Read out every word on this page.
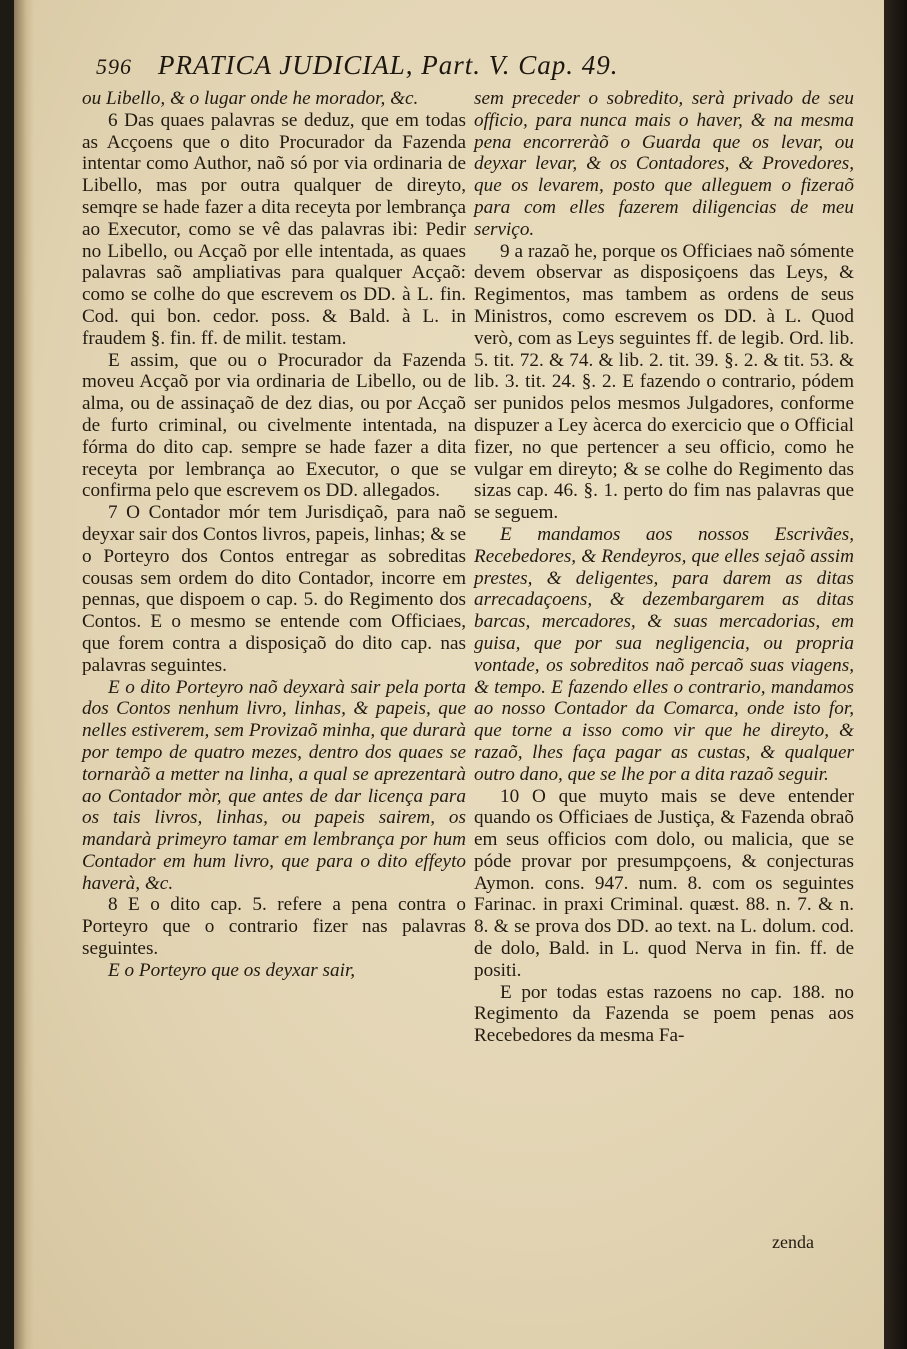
596 PRATICA JUDICIAL, Part. V. Cap. 49.

ou Libello, & o lugar onde he morador, &c.

6 Das quaes palavras se deduz, que em todas as Acçoens que o dito Procurador da Fazenda intentar como Author, naõ só por via ordinaria de Libello, mas por outra qualquer de direyto, semqre se hade fazer a dita receyta por lembrança ao Executor, como se vê das palavras ibi: Pedir no Libello, ou Acçaõ por elle intentada, as quaes palavras saõ ampliativas para qualquer Acçaõ: como se colhe do que escrevem os DD. à L. fin. Cod. qui bon. cedor. poss. & Bald. à L. in fraudem §. fin. ff. de milit. testam.

E assim, que ou o Procurador da Fazenda moveu Acçaõ por via ordinaria de Libello, ou de alma, ou de assinaçaõ de dez dias, ou por Acçaõ de furto criminal, ou civelmente intentada, na fórma do dito cap. sempre se hade fazer a dita receyta por lembrança ao Executor, o que se confirma pelo que escrevem os DD. allegados.

7 O Contador mór tem Jurisdiçaõ, para naõ deyxar sair dos Contos livros, papeis, linhas; & se o Porteyro dos Contos entregar as sobreditas cousas sem ordem do dito Contador, incorre em pennas, que dispoem o cap. 5. do Regimento dos Contos. E o mesmo se entende com Officiaes, que forem contra a disposiçaõ do dito cap. nas palavras seguintes.

E o dito Porteyro naõ deyxarà sair pela porta dos Contos nenhum livro, linhas, & papeis, que nelles estiverem, sem Provizaõ minha, que durarà por tempo de quatro mezes, dentro dos quaes se tornaràõ a metter na linha, a qual se aprezentarà ao Contador mòr, que antes de dar licença para os tais livros, linhas, ou papeis sairem, os mandarà primeyro tamar em lembrança por hum Contador em hum livro, que para o dito effeyto haverà, &c.

8 E o dito cap. 5. refere a pena contra o Porteyro que o contrario fizer nas palavras seguintes.

E o Porteyro que os deyxar sair,

sem preceder o sobredito, serà privado de seu officio, para nunca mais o haver, & na mesma pena encorreràõ o Guarda que os levar, ou deyxar levar, & os Contadores, & Provedores, que os levarem, posto que alleguem o fizeraõ para com elles fazerem diligencias de meu serviço.

9 a razaõ he, porque os Officiaes naõ sómente devem observar as disposiçoens das Leys, & Regimentos, mas tambem as ordens de seus Ministros, como escrevem os DD. à L. Quod verò, com as Leys seguintes ff. de legib. Ord. lib. 5. tit. 72. & 74. & lib. 2. tit. 39. §. 2. & tit. 53. & lib. 3. tit. 24. §. 2. E fazendo o contrario, pódem ser punidos pelos mesmos Julgadores, conforme dispuzer a Ley àcerca do exercicio que o Official fizer, no que pertencer a seu officio, como he vulgar em direyto; & se colhe do Regimento das sizas cap. 46. §. 1. perto do fim nas palavras que se seguem.

E mandamos aos nossos Escrivães, Recebedores, & Rendeyros, que elles sejaõ assim prestes, & deligentes, para darem as ditas arrecadaçoens, & dezembargarem as ditas barcas, mercadores, & suas mercadorias, em guisa, que por sua negligencia, ou propria vontade, os sobreditos naõ percaõ suas viagens, & tempo. E fazendo elles o contrario, mandamos ao nosso Contador da Comarca, onde isto for, que torne a isso como vir que he direyto, & razaõ, lhes faça pagar as custas, & qualquer outro dano, que se lhe por a dita razaõ seguir.

10 O que muyto mais se deve entender quando os Officiaes de Justiça, & Fazenda obraõ em seus officios com dolo, ou malicia, que se póde provar por presumpçoens, & conjecturas Aymon. cons. 947. num. 8. com os seguintes Farinac. in praxi Criminal. quæst. 88. n. 7. & n. 8. & se prova dos DD. ao text. na L. dolum. cod. de dolo, Bald. in L. quod Nerva in fin. ff. de positi.

E por todas estas razoens no cap. 188. no Regimento da Fazenda se poem penas aos Recebedores da mesma Fa-

zenda
